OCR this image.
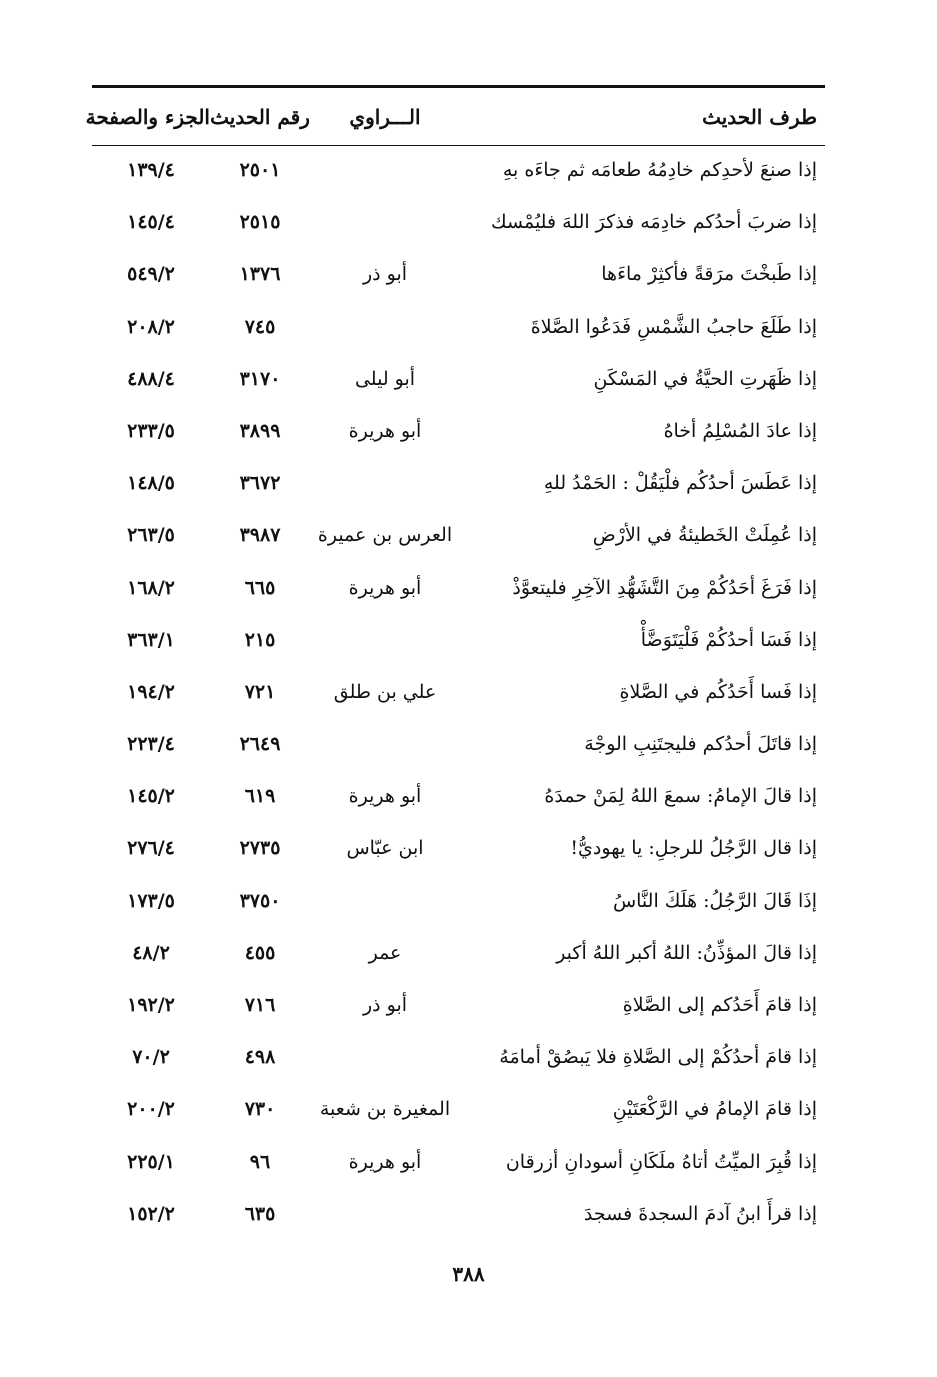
طرف الحديث
الـــراوي
رقم الحديث
الجزء والصفحة
إذا صنعَ لأحدِكم خادِمُهُ طعامَه ثم جاءَه بهِ
٢٥٠١
١٣٩/٤
إذا ضربَ أحدُكم خادِمَه فذكرَ اللهَ فليُمْسك
٢٥١٥
١٤٥/٤
إذا طَبخْتَ مرَقةً فأكثِرْ ماءَها
أبو ذر
١٣٧٦
٥٤٩/٢
إذا طَلَعَ حاجبُ الشَّمْسِ فَدَعُوا الصَّلاةَ
٧٤٥
٢٠٨/٢
إذا ظَهَرتِ الحيَّةُ في المَسْكَنِ
أبو ليلى
٣١٧٠
٤٨٨/٤
إذا عادَ المُسْلِمُ أخاهُ
أبو هريرة
٣٨٩٩
٢٣٣/٥
إذا عَطَسَ أحدُكُم فلْيَقُلْ : الحَمْدُ للهِ
٣٦٧٢
١٤٨/٥
إذا عُمِلَتْ الخَطيئةُ في الأرْضِ
العرس بن عميرة
٣٩٨٧
٢٦٣/٥
إذا فَرَغَ أحَدُكُمْ مِنَ التَّشَهُّدِ الآخِرِ فليتعوَّذْ
أبو هريرة
٦٦٥
١٦٨/٢
إذا فَسَا أحدُكُمْ فَلْيَتَوَضَّأْ
٢١٥
٣٦٣/١
إذا فَسا أَحَدُكُم في الصَّلاةِ
علي بن طلق
٧٢١
١٩٤/٢
إذا قاتَلَ أحدُكم فليجتَنِبِ الوجْهَ
٢٦٤٩
٢٢٣/٤
إذا قالَ الإمامُ: سمعَ اللهُ لِمَنْ حمدَهُ
أبو هريرة
٦١٩
١٤٥/٢
إذا قال الرَّجُلُ للرجلِ: يا يهوديُّ!
ابن عبّاس
٢٧٣٥
٢٧٦/٤
إذَا قَالَ الرَّجُلُ: هَلَكَ النَّاسُ
٣٧٥٠
١٧٣/٥
إذا قالَ المؤذِّنُ: اللهُ أكبر اللهُ أكبر
عمر
٤٥٥
٤٨/٢
إذا قامَ أَحَدُكم إلى الصَّلاةِ
أبو ذر
٧١٦
١٩٢/٢
إذا قامَ أحدُكُمْ إلى الصَّلاةِ فلا يَبصُقْ أمامَهُ
٤٩٨
٧٠/٢
إذا قامَ الإمامُ في الرَّكْعَتَيْنِ
المغيرة بن شعبة
٧٣٠
٢٠٠/٢
إذا قُبِرَ الميِّتُ أتاهُ ملَكَانِ أسودانِ أزرقان
أبو هريرة
٩٦
٢٢٥/١
إذا قرأَ ابنُ آدمَ السجدةَ فسجدَ
٦٣٥
١٥٢/٢
٣٨٨
